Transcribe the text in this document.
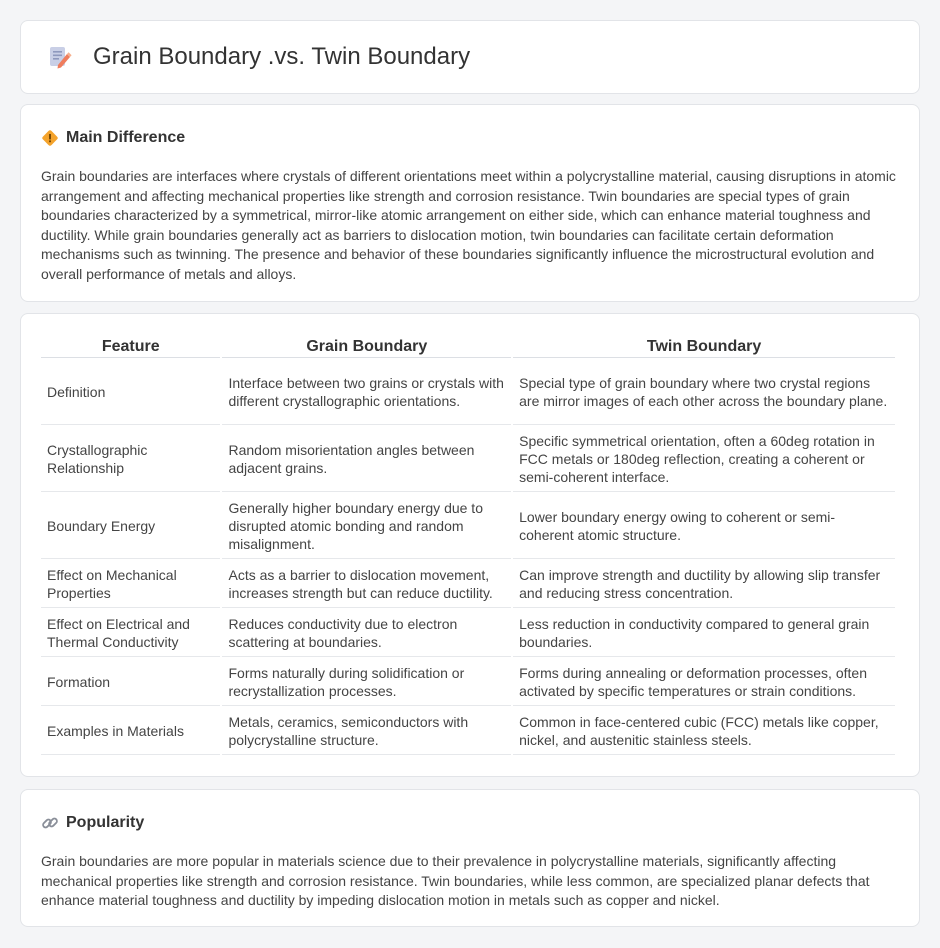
Grain Boundary .vs. Twin Boundary
Main Difference

Grain boundaries are interfaces where crystals of different orientations meet within a polycrystalline material, causing disruptions in atomic arrangement and affecting mechanical properties like strength and corrosion resistance. Twin boundaries are special types of grain boundaries characterized by a symmetrical, mirror-like atomic arrangement on either side, which can enhance material toughness and ductility. While grain boundaries generally act as barriers to dislocation motion, twin boundaries can facilitate certain deformation mechanisms such as twinning. The presence and behavior of these boundaries significantly influence the microstructural evolution and overall performance of metals and alloys.

Feature	Grain Boundary	Twin Boundary
Definition	Interface between two grains or crystals with different crystallographic orientations.	Special type of grain boundary where two crystal regions are mirror images of each other across the boundary plane.
Crystallographic Relationship	Random misorientation angles between adjacent grains.	Specific symmetrical orientation, often a 60deg rotation in FCC metals or 180deg reflection, creating a coherent or semi-coherent interface.
Boundary Energy	Generally higher boundary energy due to disrupted atomic bonding and random misalignment.	Lower boundary energy owing to coherent or semi-coherent atomic structure.
Effect on Mechanical Properties	Acts as a barrier to dislocation movement, increases strength but can reduce ductility.	Can improve strength and ductility by allowing slip transfer and reducing stress concentration.
Effect on Electrical and Thermal Conductivity	Reduces conductivity due to electron scattering at boundaries.	Less reduction in conductivity compared to general grain boundaries.
Formation	Forms naturally during solidification or recrystallization processes.	Forms during annealing or deformation processes, often activated by specific temperatures or strain conditions.
Examples in Materials	Metals, ceramics, semiconductors with polycrystalline structure.	Common in face-centered cubic (FCC) metals like copper, nickel, and austenitic stainless steels.
Popularity

Grain boundaries are more popular in materials science due to their prevalence in polycrystalline materials, significantly affecting mechanical properties like strength and corrosion resistance. Twin boundaries, while less common, are specialized planar defects that enhance material toughness and ductility by impeding dislocation motion in metals such as copper and nickel.
